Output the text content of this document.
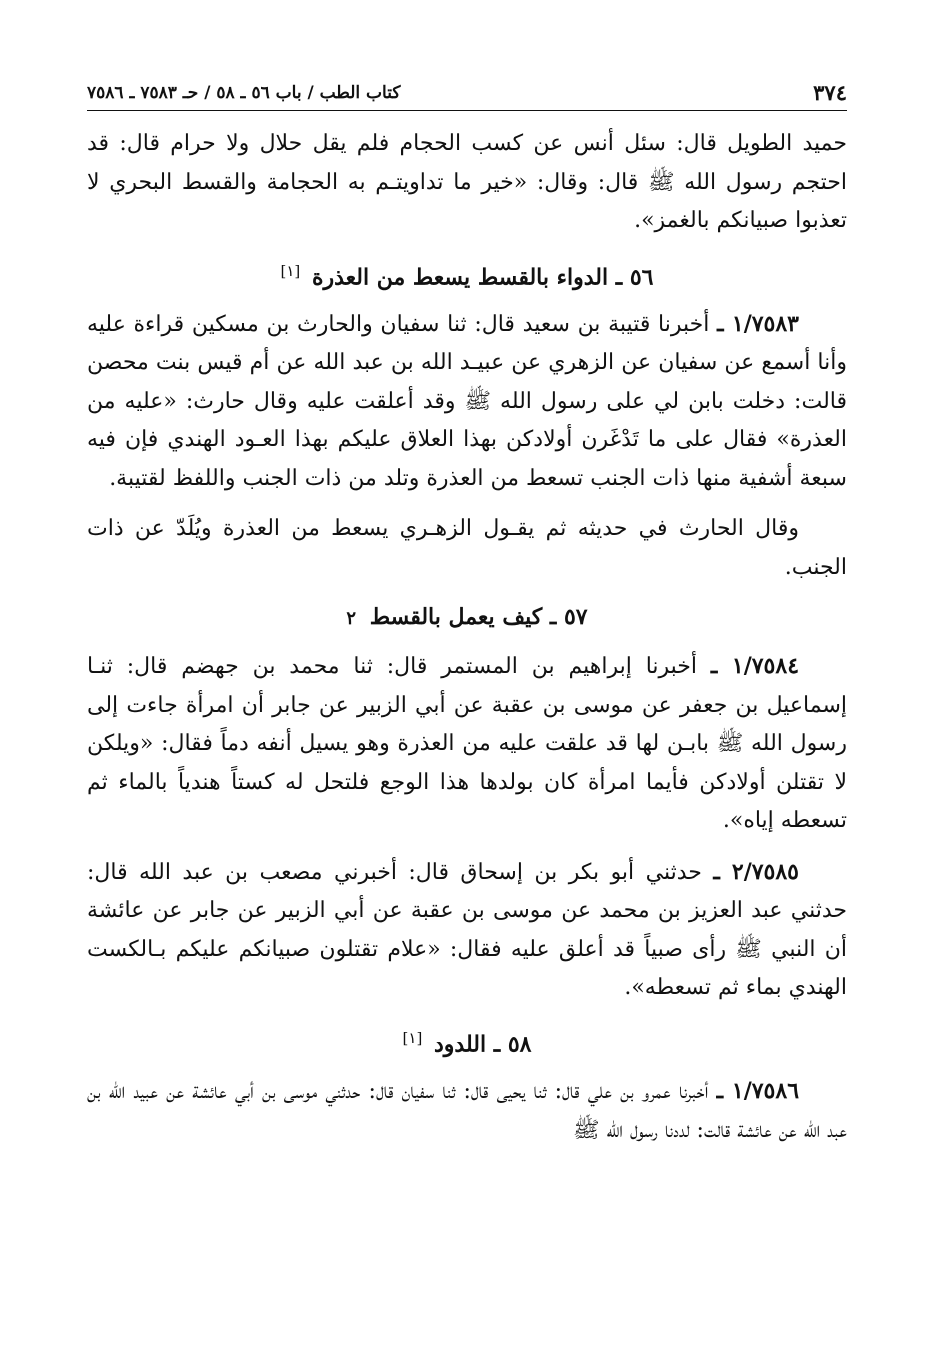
٣٧٤
كتاب الطب / باب ٥٦ ـ ٥٨ / حـ ٧٥٨٣ ـ ٧٥٨٦

حميد الطويل قال: سئل أنس عن كسب الحجام فلم يقل حلال ولا حرام قال: قد احتجم رسول الله ﷺ قال: وقال: «خير ما تداويتـم به الحجامة والقسط البحري لا تعذبوا صبيانكم بالغمز».

٥٦ ـ الدواء بالقسط يسعط من العذرة [١]

١/٧٥٨٣ ـ أخبرنا قتيبة بن سعيد قال: ثنا سفيان والحارث بن مسكين قراءة عليه وأنا أسمع عن سفيان عن الزهري عن عبيـد الله بن عبد الله عن أم قيس بنت محصن قالت: دخلت بابن لي على رسول الله ﷺ وقد أعلقت عليه وقال حارث: «عليه من العذرة» فقال على ما تَدْغَرن أولادكن بهذا العلاق عليكم بهذا العـود الهندي فإن فيه سبعة أشفية منها ذات الجنب تسعط من العذرة وتلد من ذات الجنب واللفظ لقتيبة.

وقال الحارث في حديثه ثم يقـول الزهـري يسعط من العذرة ويُلَدّ عن ذات الجنب.

٥٧ ـ كيف يعمل بالقسط ٢

١/٧٥٨٤ ـ أخبرنا إبراهيم بن المستمر قال: ثنا محمد بن جهضم قال: ثنـا إسماعيل بن جعفر عن موسى بن عقبة عن أبي الزبير عن جابر أن امرأة جاءت إلى رسول الله ﷺ بابـن لها قد علقت عليه من العذرة وهو يسيل أنفه دماً فقال: «ويلكن لا تقتلن أولادكن فأيما امرأة كان بولدها هذا الوجع فلتحل له كستاً هندياً بالماء ثم تسعطه إياه».

٢/٧٥٨٥ ـ حدثني أبو بكر بن إسحاق قال: أخبرني مصعب بن عبد الله قال: حدثني عبد العزيز بن محمد عن موسى بن عقبة عن أبي الزبير عن جابر عن عائشة أن النبي ﷺ رأى صبياً قد أعلق عليه فقال: «علام تقتلون صبيانكم عليكم بـالكست الهندي بماء ثم تسعطه».

٥٨ ـ اللدود [١]

١/٧٥٨٦ ـ أخبرنا عمرو بن علي قال: ثنا يحيى قال: ثنا سفيان قال: حدثني موسى بن أبي عائشة عن عبيد الله بن عبد الله عن عائشة قالت: لددنا رسول الله ﷺ
